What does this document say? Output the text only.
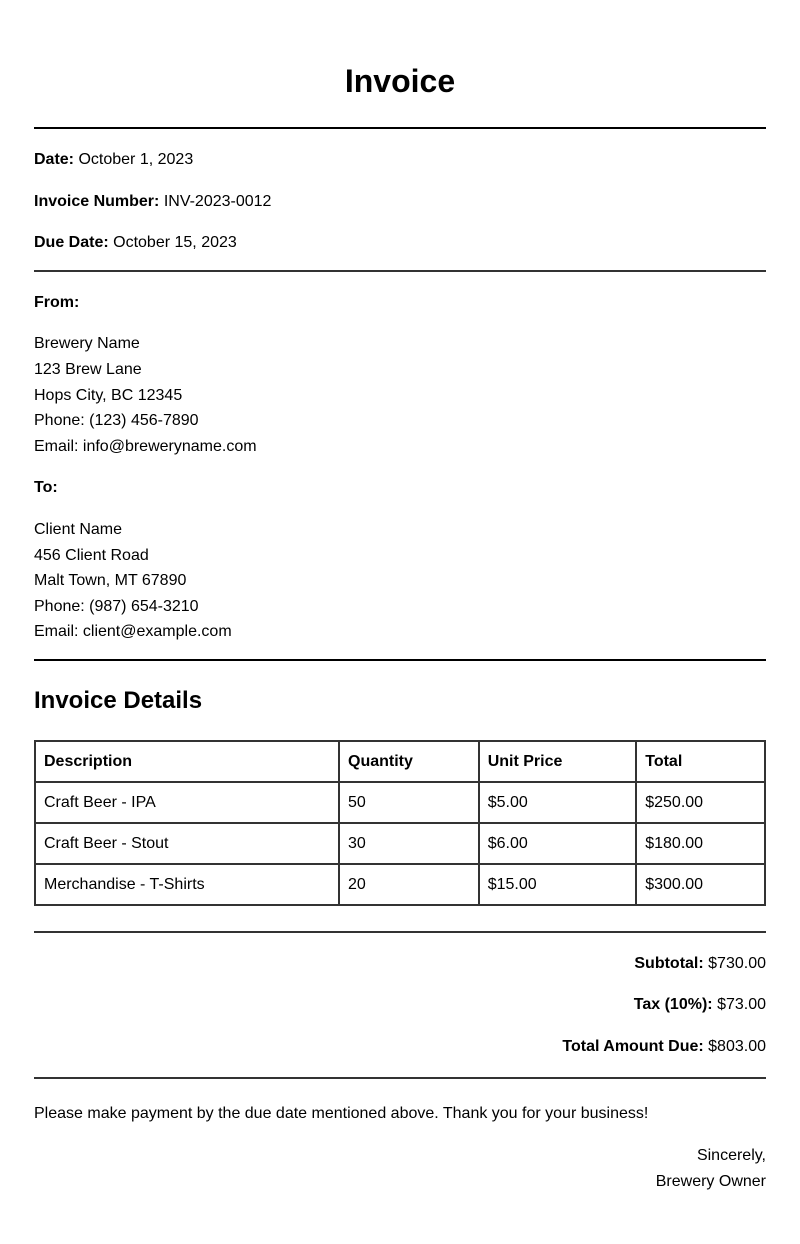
Invoice
Date: October 1, 2023
Invoice Number: INV-2023-0012
Due Date: October 15, 2023
From:
Brewery Name
123 Brew Lane
Hops City, BC 12345
Phone: (123) 456-7890
Email: info@breweryname.com
To:
Client Name
456 Client Road
Malt Town, MT 67890
Phone: (987) 654-3210
Email: client@example.com
Invoice Details
Description	Quantity	Unit Price	Total
Craft Beer - IPA	50	$5.00	$250.00
Craft Beer - Stout	30	$6.00	$180.00
Merchandise - T-Shirts	20	$15.00	$300.00
Subtotal: $730.00
Tax (10%): $73.00
Total Amount Due: $803.00
Please make payment by the due date mentioned above. Thank you for your business!
Sincerely,
Brewery Owner
